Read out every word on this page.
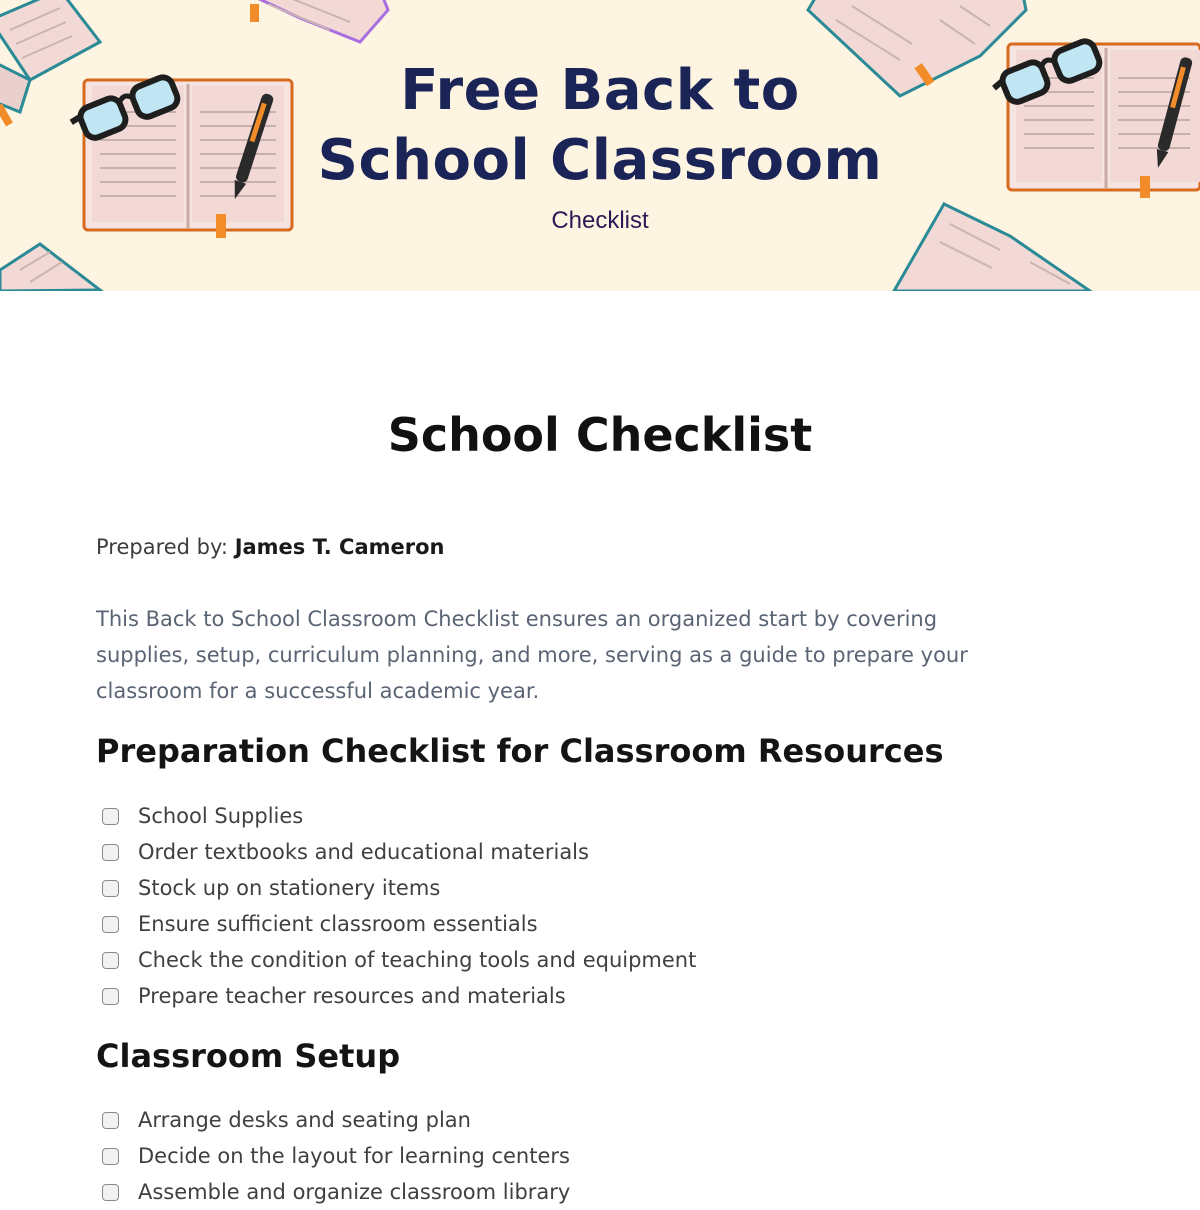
Free Back to
School Classroom
Checklist
School Checklist
Prepared by: James T. Cameron

This Back to School Classroom Checklist ensures an organized start by covering
supplies, setup, curriculum planning, and more, serving as a guide to prepare your
classroom for a successful academic year.

Preparation Checklist for Classroom Resources
School Supplies
Order textbooks and educational materials
Stock up on stationery items
Ensure sufficient classroom essentials
Check the condition of teaching tools and equipment
Prepare teacher resources and materials
Classroom Setup
Arrange desks and seating plan
Decide on the layout for learning centers
Assemble and organize classroom library
